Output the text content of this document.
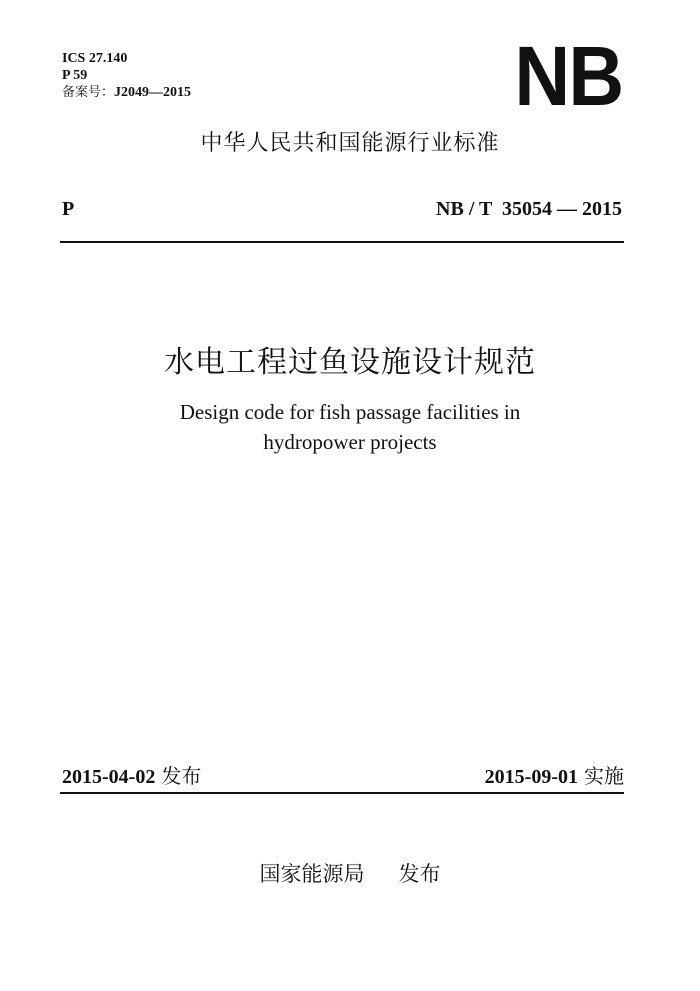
ICS 27.140
P 59
备案号：J2049—2015	NB
中华人民共和国能源行业标准
P	NB / T  35054 — 2015
水电工程过鱼设施设计规范
Design code for fish passage facilities in
hydropower projects
2015-04-02 发布	2015-09-01 实施
国家能源局 发布
